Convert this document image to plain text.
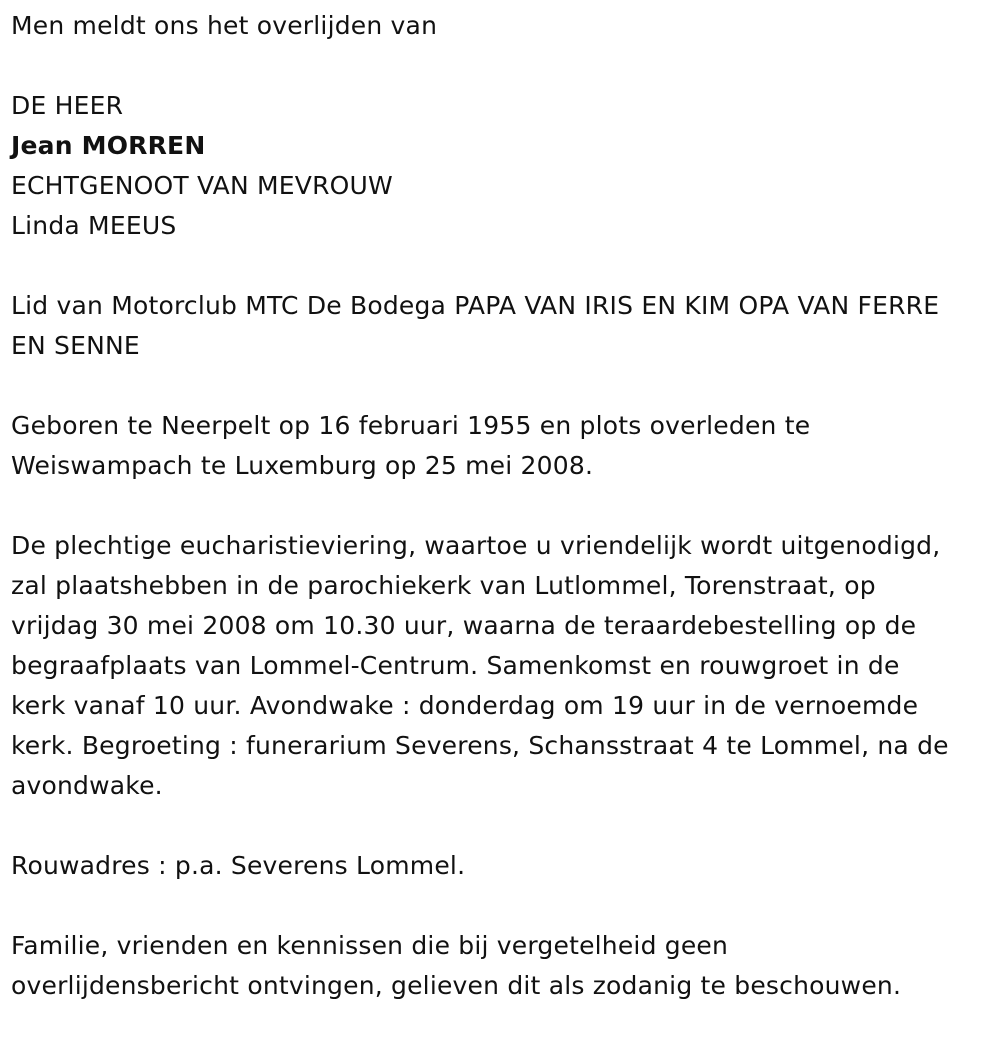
Men meldt ons het overlijden van

DE HEER

Jean MORREN

ECHTGENOOT VAN MEVROUW

Linda MEEUS

Lid van Motorclub MTC De Bodega PAPA VAN IRIS EN KIM OPA VAN FERRE

EN SENNE

Geboren te Neerpelt op 16 februari 1955 en plots overleden te

Weiswampach te Luxemburg op 25 mei 2008.

De plechtige eucharistieviering, waartoe u vriendelijk wordt uitgenodigd,

zal plaatshebben in de parochiekerk van Lutlommel, Torenstraat, op

vrijdag 30 mei 2008 om 10.30 uur, waarna de teraardebestelling op de

begraafplaats van Lommel-Centrum. Samenkomst en rouwgroet in de

kerk vanaf 10 uur. Avondwake : donderdag om 19 uur in de vernoemde

kerk. Begroeting : funerarium Severens, Schansstraat 4 te Lommel, na de

avondwake.

Rouwadres : p.a. Severens Lommel.

Familie, vrienden en kennissen die bij vergetelheid geen

overlijdensbericht ontvingen, gelieven dit als zodanig te beschouwen.
